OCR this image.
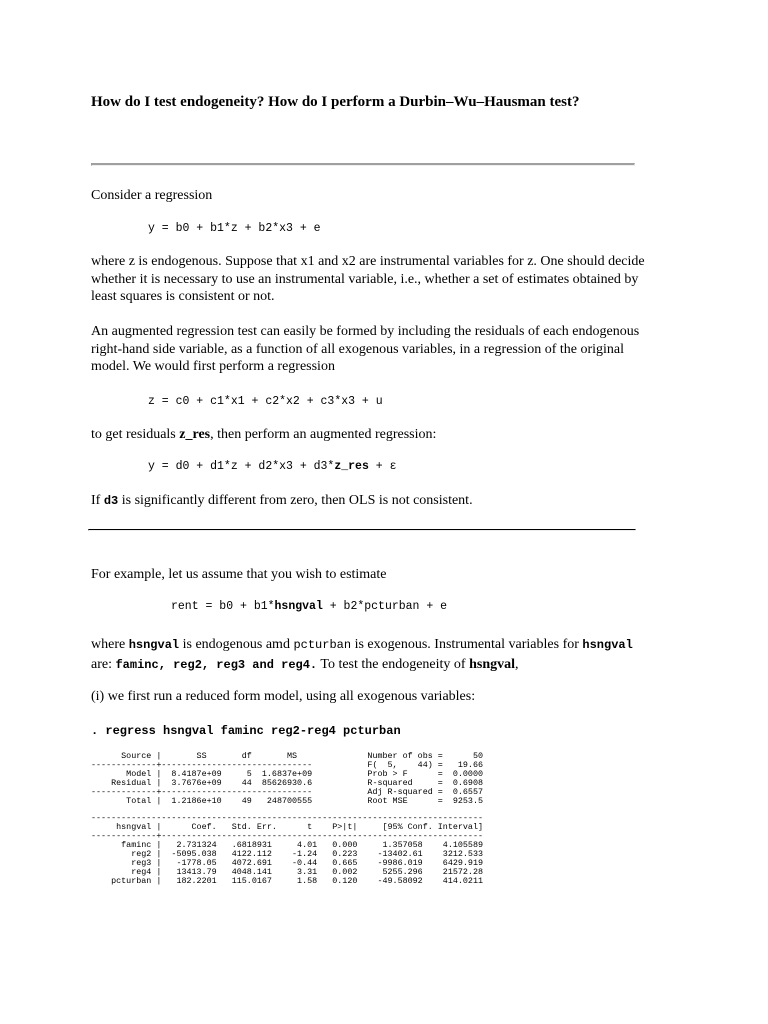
How do I test endogeneity? How do I perform a Durbin–Wu–Hausman test?

Consider a regression

y = b0 + b1*z + b2*x3 + e

where z is endogenous. Suppose that x1 and x2 are instrumental variables for z. One should decide whether it is necessary to use an instrumental variable, i.e., whether a set of estimates obtained by least squares is consistent or not.

An augmented regression test can easily be formed by including the residuals of each endogenous right-hand side variable, as a function of all exogenous variables, in a regression of the original model. We would first perform a regression

z = c0 + c1*x1 + c2*x2 + c3*x3 + u

to get residuals z_res, then perform an augmented regression:

y = d0 + d1*z + d2*x3 + d3*z_res + ε

If d3 is significantly different from zero, then OLS is not consistent.

For example, let us assume that you wish to estimate

rent = b0 + b1*hsngval + b2*pcturban + e

where hsngval is endogenous amd pcturban is exogenous. Instrumental variables for hsngval are: faminc, reg2, reg3 and reg4. To test the endogeneity of hsngval,

(i) we first run a reduced form model, using all exogenous variables:

. regress hsngval faminc reg2-reg4 pcturban
Source |       SS       df       MS              Number of obs =      50
-------------+------------------------------           F(  5,    44) =   19.66
Model |  8.4187e+09     5  1.6837e+09           Prob > F      =  0.0000
Residual |  3.7676e+09    44  85626930.6           R-squared     =  0.6908
-------------+------------------------------           Adj R-squared =  0.6557
Total |  1.2186e+10    49   248700555           Root MSE      =  9253.5

------------------------------------------------------------------------------
hsngval |      Coef.   Std. Err.      t    P>|t|     [95% Conf. Interval]
-------------+----------------------------------------------------------------
faminc |   2.731324   .6818931     4.01   0.000     1.357058    4.105589
reg2 |  -5095.038   4122.112    -1.24   0.223    -13402.61    3212.533
reg3 |   -1778.05   4072.691    -0.44   0.665    -9986.019    6429.919
reg4 |   13413.79   4048.141     3.31   0.002     5255.296    21572.28
pcturban |   182.2201   115.0167     1.58   0.120    -49.58092    414.0211
